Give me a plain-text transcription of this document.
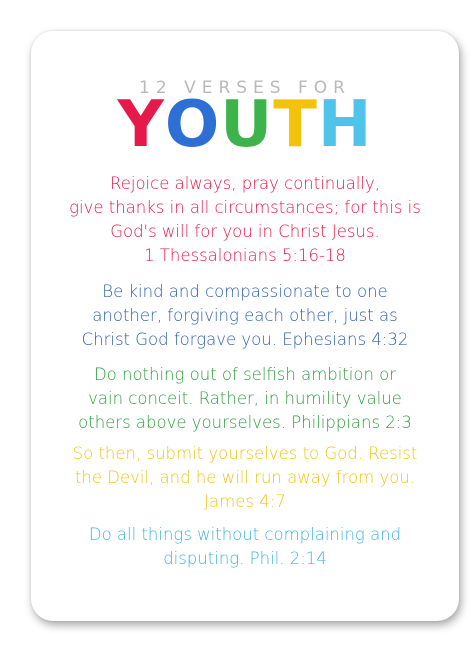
12 VERSES FOR
YOUTH
Rejoice always, pray continually,
give thanks in all circumstances; for this is
God's will for you in Christ Jesus.
1 Thessalonians 5:16-18
Be kind and compassionate to one
another, forgiving each other, just as
Christ God forgave you. Ephesians 4:32
Do nothing out of selfish ambition or
vain conceit. Rather, in humility value
others above yourselves. Philippians 2:3
So then, submit yourselves to God. Resist
the Devil, and he will run away from you.
James 4:7
Do all things without complaining and
disputing. Phil. 2:14
